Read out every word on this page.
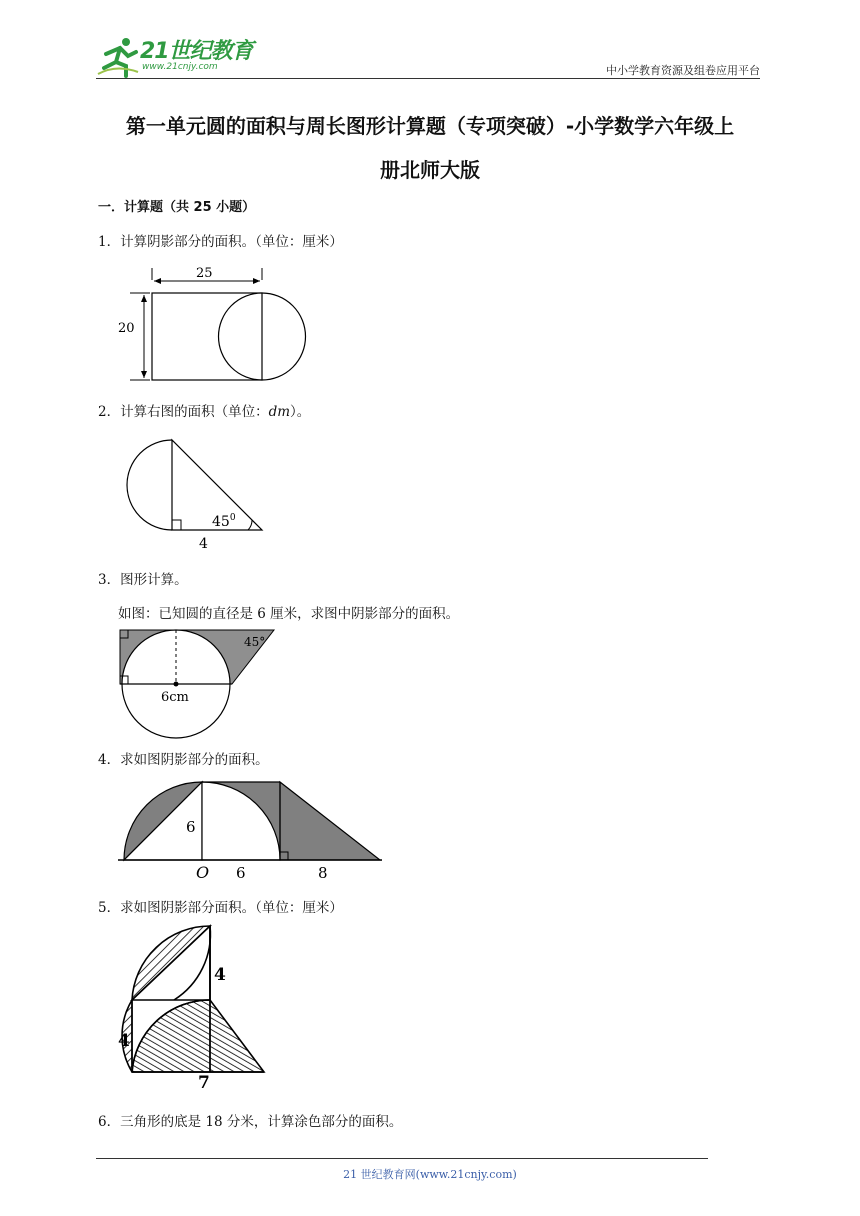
21世纪教育
www.21cnjy.com	中小学教育资源及组卷应用平台
第一单元圆的面积与周长图形计算题（专项突破）-小学数学六年级上
册北师大版
一．计算题（共 25 小题）
1．计算阴影部分的面积。（单位：厘米）
25
20
2．计算右图的面积（单位：dm）。
$45^0$
4
3．图形计算。
如图：已知圆的直径是 6 厘米，求图中阴影部分的面积。
45°
6cm
4．求如图阴影部分的面积。
6
O 6	8
5．求如图阴影部分面积。（单位：厘米）
4
4
7
6．三角形的底是 18 分米，计算涂色部分的面积。
21 世纪教育网(www.21cnjy.com)
